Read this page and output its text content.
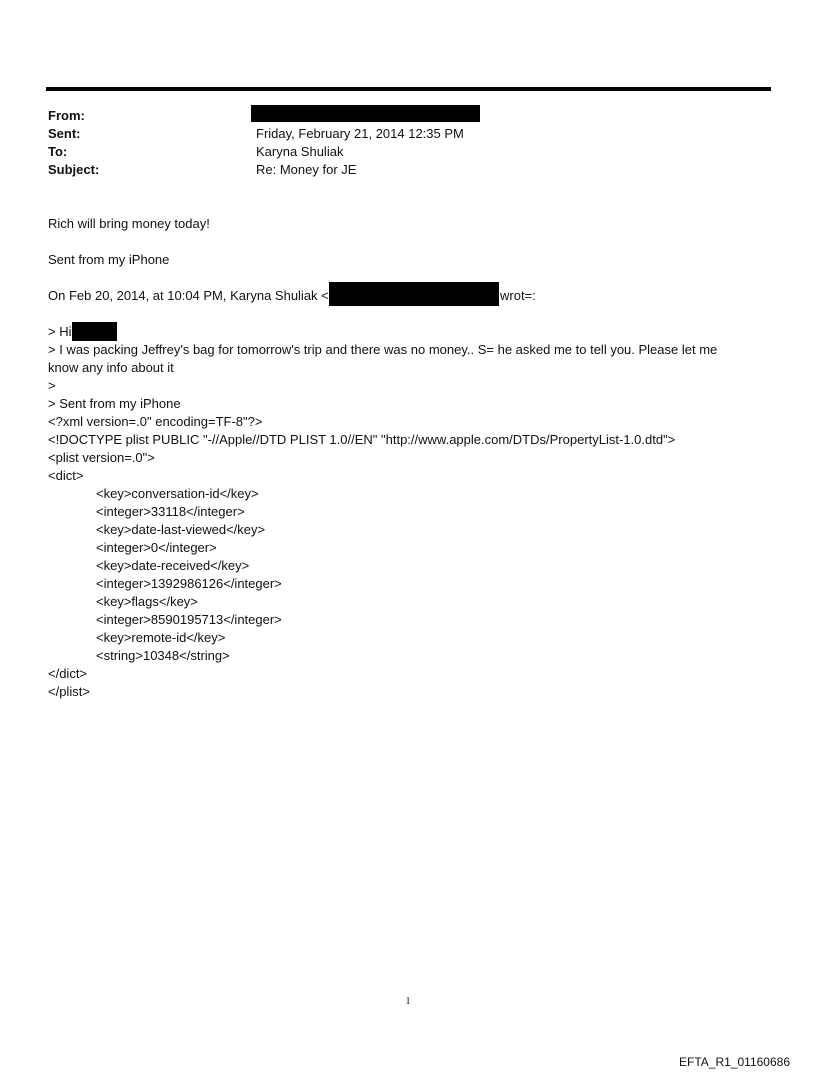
From:
Sent:
To:
Subject:
Friday, February 21, 2014 12:35 PM
Karyna Shuliak
Re: Money for JE
Rich will bring money today!
Sent from my iPhone
On Feb 20, 2014, at 10:04 PM, Karyna Shuliak <	wrot=:
> Hi
> I was packing Jeffrey's bag for tomorrow's trip and there was no money.. S= he asked me to tell you. Please let me
know any info about it
>
> Sent from my iPhone
<?xml version=.0" encoding=TF-8"?>
<!DOCTYPE plist PUBLIC "-//Apple//DTD PLIST 1.0//EN" "http://www.apple.com/DTDs/PropertyList-1.0.dtd">
<plist version=.0">
<dict>
<key>conversation-id</key>
<integer>33118</integer>
<key>date-last-viewed</key>
<integer>0</integer>
<key>date-received</key>
<integer>1392986126</integer>
<key>flags</key>
<integer>8590195713</integer>
<key>remote-id</key>
<string>10348</string>
</dict>
</plist>
1
EFTA_R1_01160686
